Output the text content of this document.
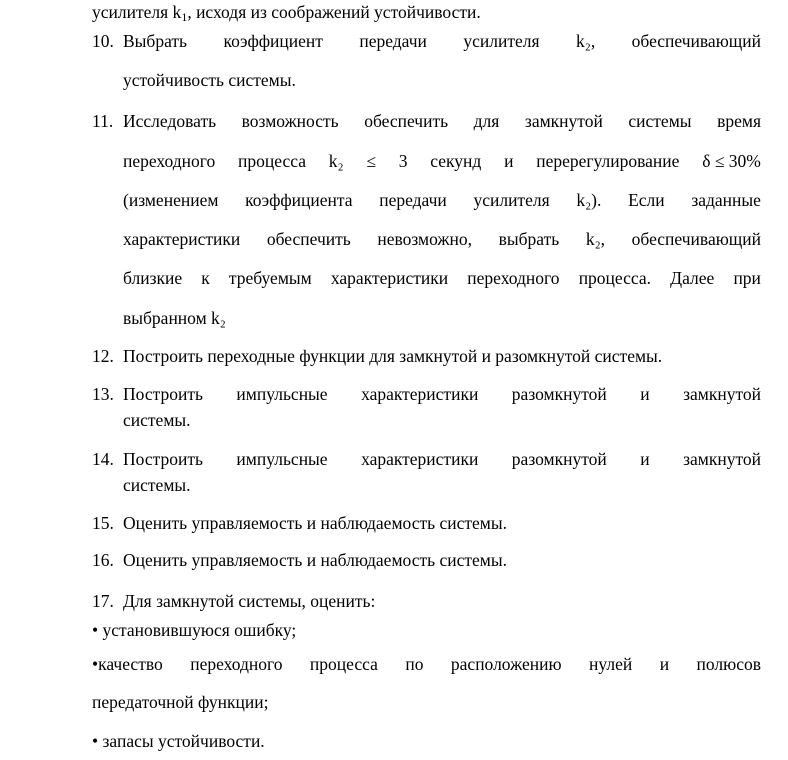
усилителя $k_1$, исходя из соображений устойчивости.
10. Выбрать коэффициент передачи усилителя k₂, обеспечивающий
устойчивость системы.
11. Исследовать возможность обеспечить для замкнутой системы время
переходного процесса k₂ ≤ 3 секунд и перерегулирование δ ≤ 30%
(изменением коэффициента передачи усилителя k₂). Если заданные
характеристики обеспечить невозможно, выбрать k₂, обеспечивающий
близкие к требуемым характеристики переходного процесса. Далее при
выбранном k₂
12. Построить переходные функции для замкнутой и разомкнутой системы.
13. Построить импульсные характеристики разомкнутой и замкнутой
системы.
14. Построить импульсные характеристики разомкнутой и замкнутой
системы.
15. Оценить управляемость и наблюдаемость системы.
16. Оценить управляемость и наблюдаемость системы.
17. Для замкнутой системы, оценить:
• установившуюся ошибку;
•качество переходного процесса по расположению нулей и полюсов
передаточной функции;
• запасы устойчивости.
